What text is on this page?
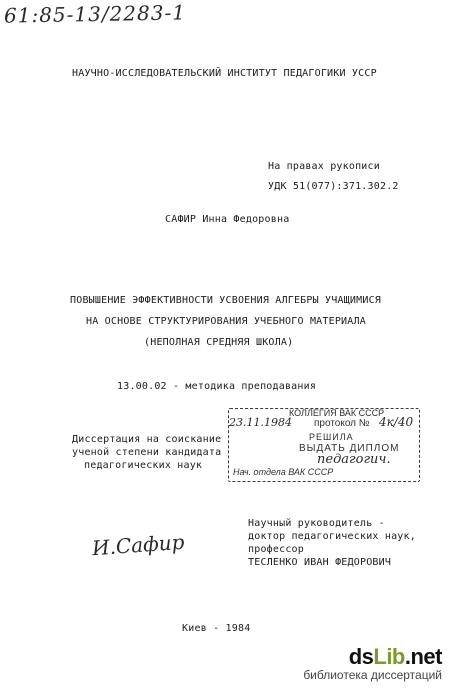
61:85-13/2283-1
НАУЧНО-ИССЛЕДОВАТЕЛЬСКИЙ ИНСТИТУТ ПЕДАГОГИКИ УССР
На правах рукописи
УДК 51(077):371.302.2
САФИР Инна Федоровна
ПОВЫШЕНИЕ ЭФФЕКТИВНОСТИ УСВОЕНИЯ АЛГЕБРЫ УЧАЩИМИСЯ
НА ОСНОВЕ СТРУКТУРИРОВАНИЯ УЧЕБНОГО МАТЕРИАЛА
(НЕПОЛНАЯ СРЕДНЯЯ ШКОЛА)
13.00.02 - методика преподавания
Диссертация на соискание
ученой степени кандидата
педагогических наук
КОЛЛЕГИЯ ВАК СССР
23.11.1984 протокол № 4к/40
РЕШИЛА
ВЫДАТЬ ДИПЛОМ
педагогич.
Нач. отдела ВАК СССР
И.Сафир
Научный руководитель -
доктор педагогических наук,
профессор
ТЕСЛЕНКО ИВАН ФЕДОРОВИЧ
Киев - 1984
dsLib.net
библиотека диссертаций
